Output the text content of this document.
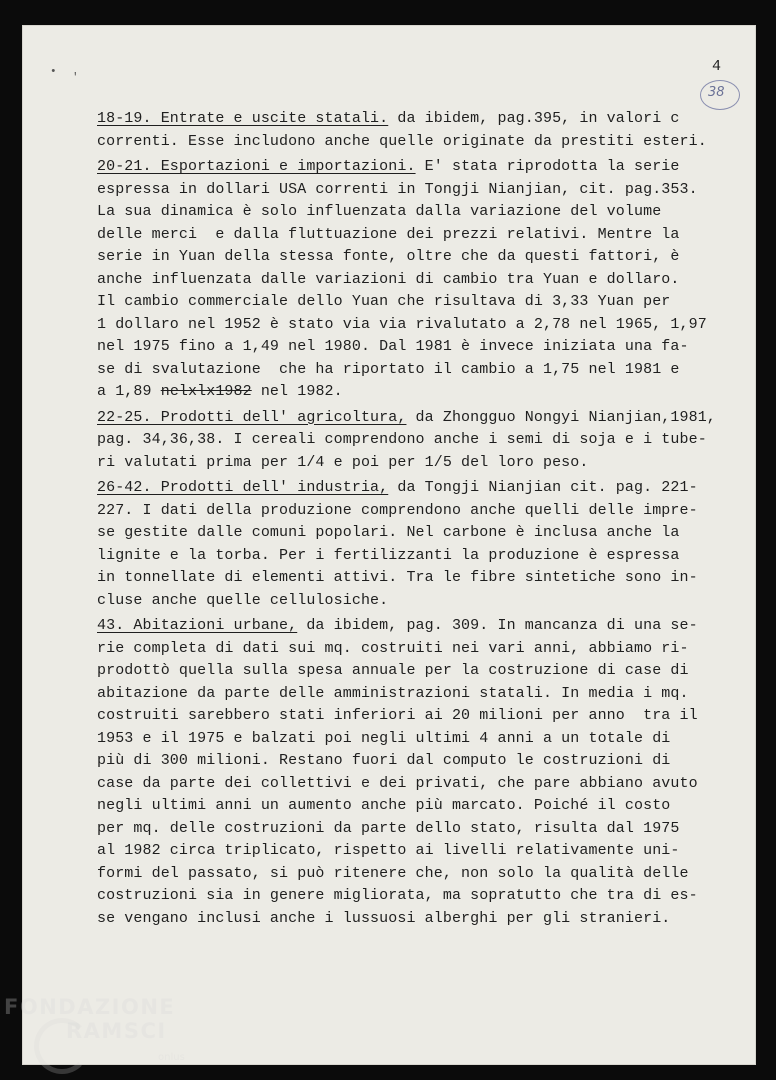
• '
4
38
18-19. Entrate e uscite statali. da ibidem, pag.395, in valori c
correnti. Esse includono anche quelle originate da prestiti esteri.
20-21. Esportazioni e importazioni. E' stata riprodotta la serie
espressa in dollari USA correnti in Tongji Nianjian, cit. pag.353.
La sua dinamica è solo influenzata dalla variazione del volume
delle merci  e dalla fluttuazione dei prezzi relativi. Mentre la
serie in Yuan della stessa fonte, oltre che da questi fattori, è
anche influenzata dalle variazioni di cambio tra Yuan e dollaro.
Il cambio commerciale dello Yuan che risultava di 3,33 Yuan per
1 dollaro nel 1952 è stato via via rivalutato a 2,78 nel 1965, 1,97
nel 1975 fino a 1,49 nel 1980. Dal 1981 è invece iniziata una fa-
se di svalutazione  che ha riportato il cambio a 1,75 nel 1981 e
a 1,89 nelxlx1982 nel 1982.
22-25. Prodotti dell' agricoltura, da Zhongguo Nongyi Nianjian,1981,
pag. 34,36,38. I cereali comprendono anche i semi di soja e i tube-
ri valutati prima per 1/4 e poi per 1/5 del loro peso.
26-42. Prodotti dell' industria, da Tongji Nianjian cit. pag. 221-
227. I dati della produzione comprendono anche quelli delle impre-
se gestite dalle comuni popolari. Nel carbone è inclusa anche la
lignite e la torba. Per i fertilizzanti la produzione è espressa
in tonnellate di elementi attivi. Tra le fibre sintetiche sono in-
cluse anche quelle cellulosiche.
43. Abitazioni urbane, da ibidem, pag. 309. In mancanza di una se-
rie completa di dati sui mq. costruiti nei vari anni, abbiamo ri-
prodottò quella sulla spesa annuale per la costruzione di case di
abitazione da parte delle amministrazioni statali. In media i mq.
costruiti sarebbero stati inferiori ai 20 milioni per anno  tra il
1953 e il 1975 e balzati poi negli ultimi 4 anni a un totale di
più di 300 milioni. Restano fuori dal computo le costruzioni di
case da parte dei collettivi e dei privati, che pare abbiano avuto
negli ultimi anni un aumento anche più marcato. Poiché il costo
per mq. delle costruzioni da parte dello stato, risulta dal 1975
al 1982 circa triplicato, rispetto ai livelli relativamente uni-
formi del passato, si può ritenere che, non solo la qualità delle
costruzioni sia in genere migliorata, ma sopratutto che tra di es-
se vengano inclusi anche i lussuosi alberghi per gli stranieri.
FONDAZIONE
RAMSCI
onlus
